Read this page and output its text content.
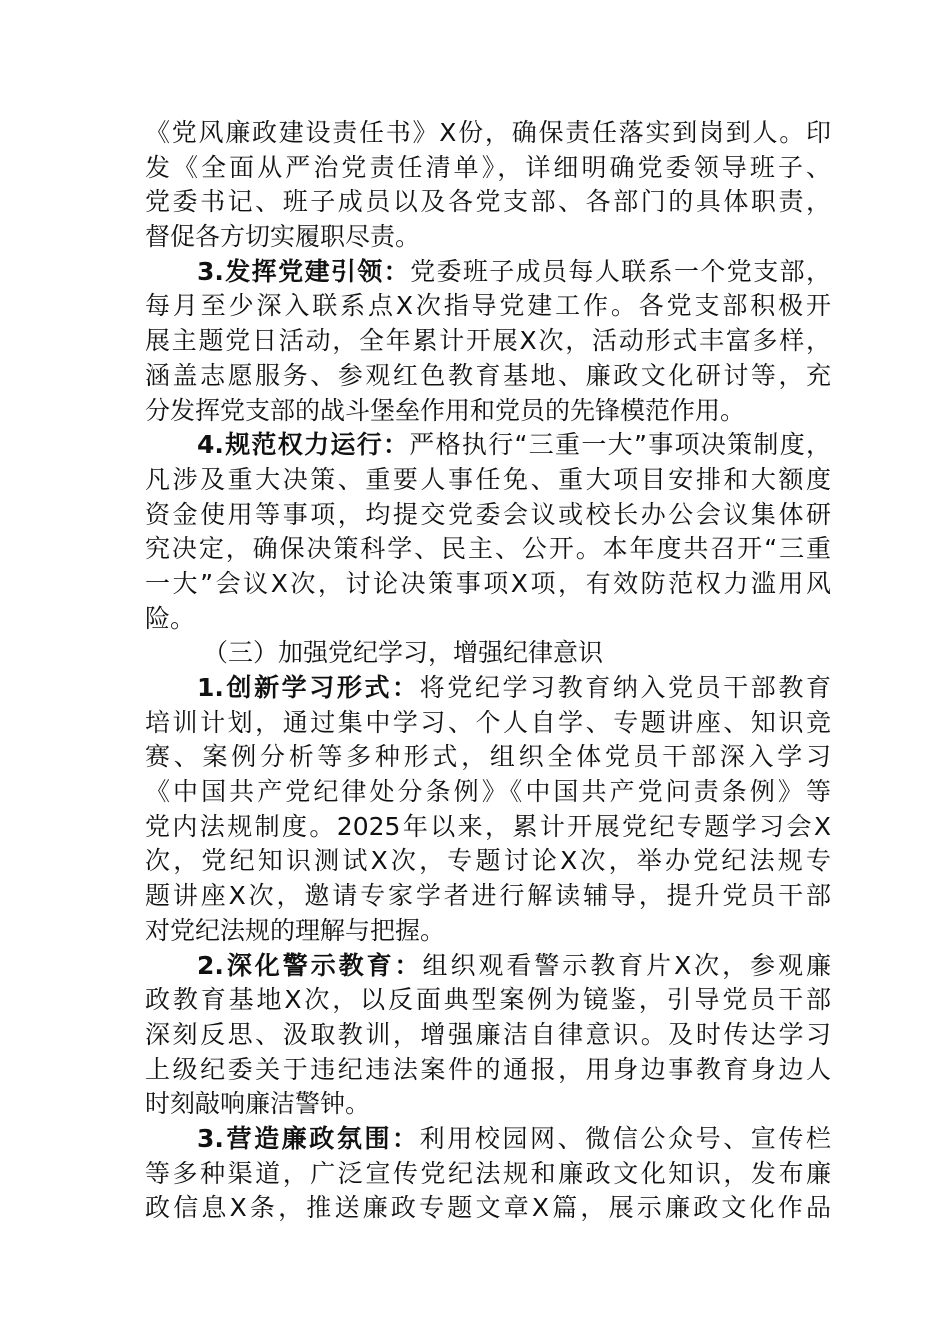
《党风廉政建设责任书》X份，确保责任落实到岗到人。印
发《全面从严治党责任清单》，详细明确党委领导班子、
党委书记、班子成员以及各党支部、各部门的具体职责，
督促各方切实履职尽责。
3.发挥党建引领：党委班子成员每人联系一个党支部，
每月至少深入联系点X次指导党建工作。各党支部积极开
展主题党日活动，全年累计开展X次，活动形式丰富多样，
涵盖志愿服务、参观红色教育基地、廉政文化研讨等，充
分发挥党支部的战斗堡垒作用和党员的先锋模范作用。
4.规范权力运行：严格执行“三重一大”事项决策制度，
凡涉及重大决策、重要人事任免、重大项目安排和大额度
资金使用等事项，均提交党委会议或校长办公会议集体研
究决定，确保决策科学、民主、公开。本年度共召开“三重
一大”会议X次，讨论决策事项X项，有效防范权力滥用风
险。
（三）加强党纪学习，增强纪律意识
1.创新学习形式：将党纪学习教育纳入党员干部教育
培训计划，通过集中学习、个人自学、专题讲座、知识竞
赛、案例分析等多种形式，组织全体党员干部深入学习
《中国共产党纪律处分条例》《中国共产党问责条例》等
党内法规制度。2025年以来，累计开展党纪专题学习会X
次，党纪知识测试X次，专题讨论X次，举办党纪法规专
题讲座X次，邀请专家学者进行解读辅导，提升党员干部
对党纪法规的理解与把握。
2.深化警示教育：组织观看警示教育片X次，参观廉
政教育基地X次，以反面典型案例为镜鉴，引导党员干部
深刻反思、汲取教训，增强廉洁自律意识。及时传达学习
上级纪委关于违纪违法案件的通报，用身边事教育身边人
时刻敲响廉洁警钟。
3.营造廉政氛围：利用校园网、微信公众号、宣传栏
等多种渠道，广泛宣传党纪法规和廉政文化知识，发布廉
政信息X条，推送廉政专题文章X篇，展示廉政文化作品
